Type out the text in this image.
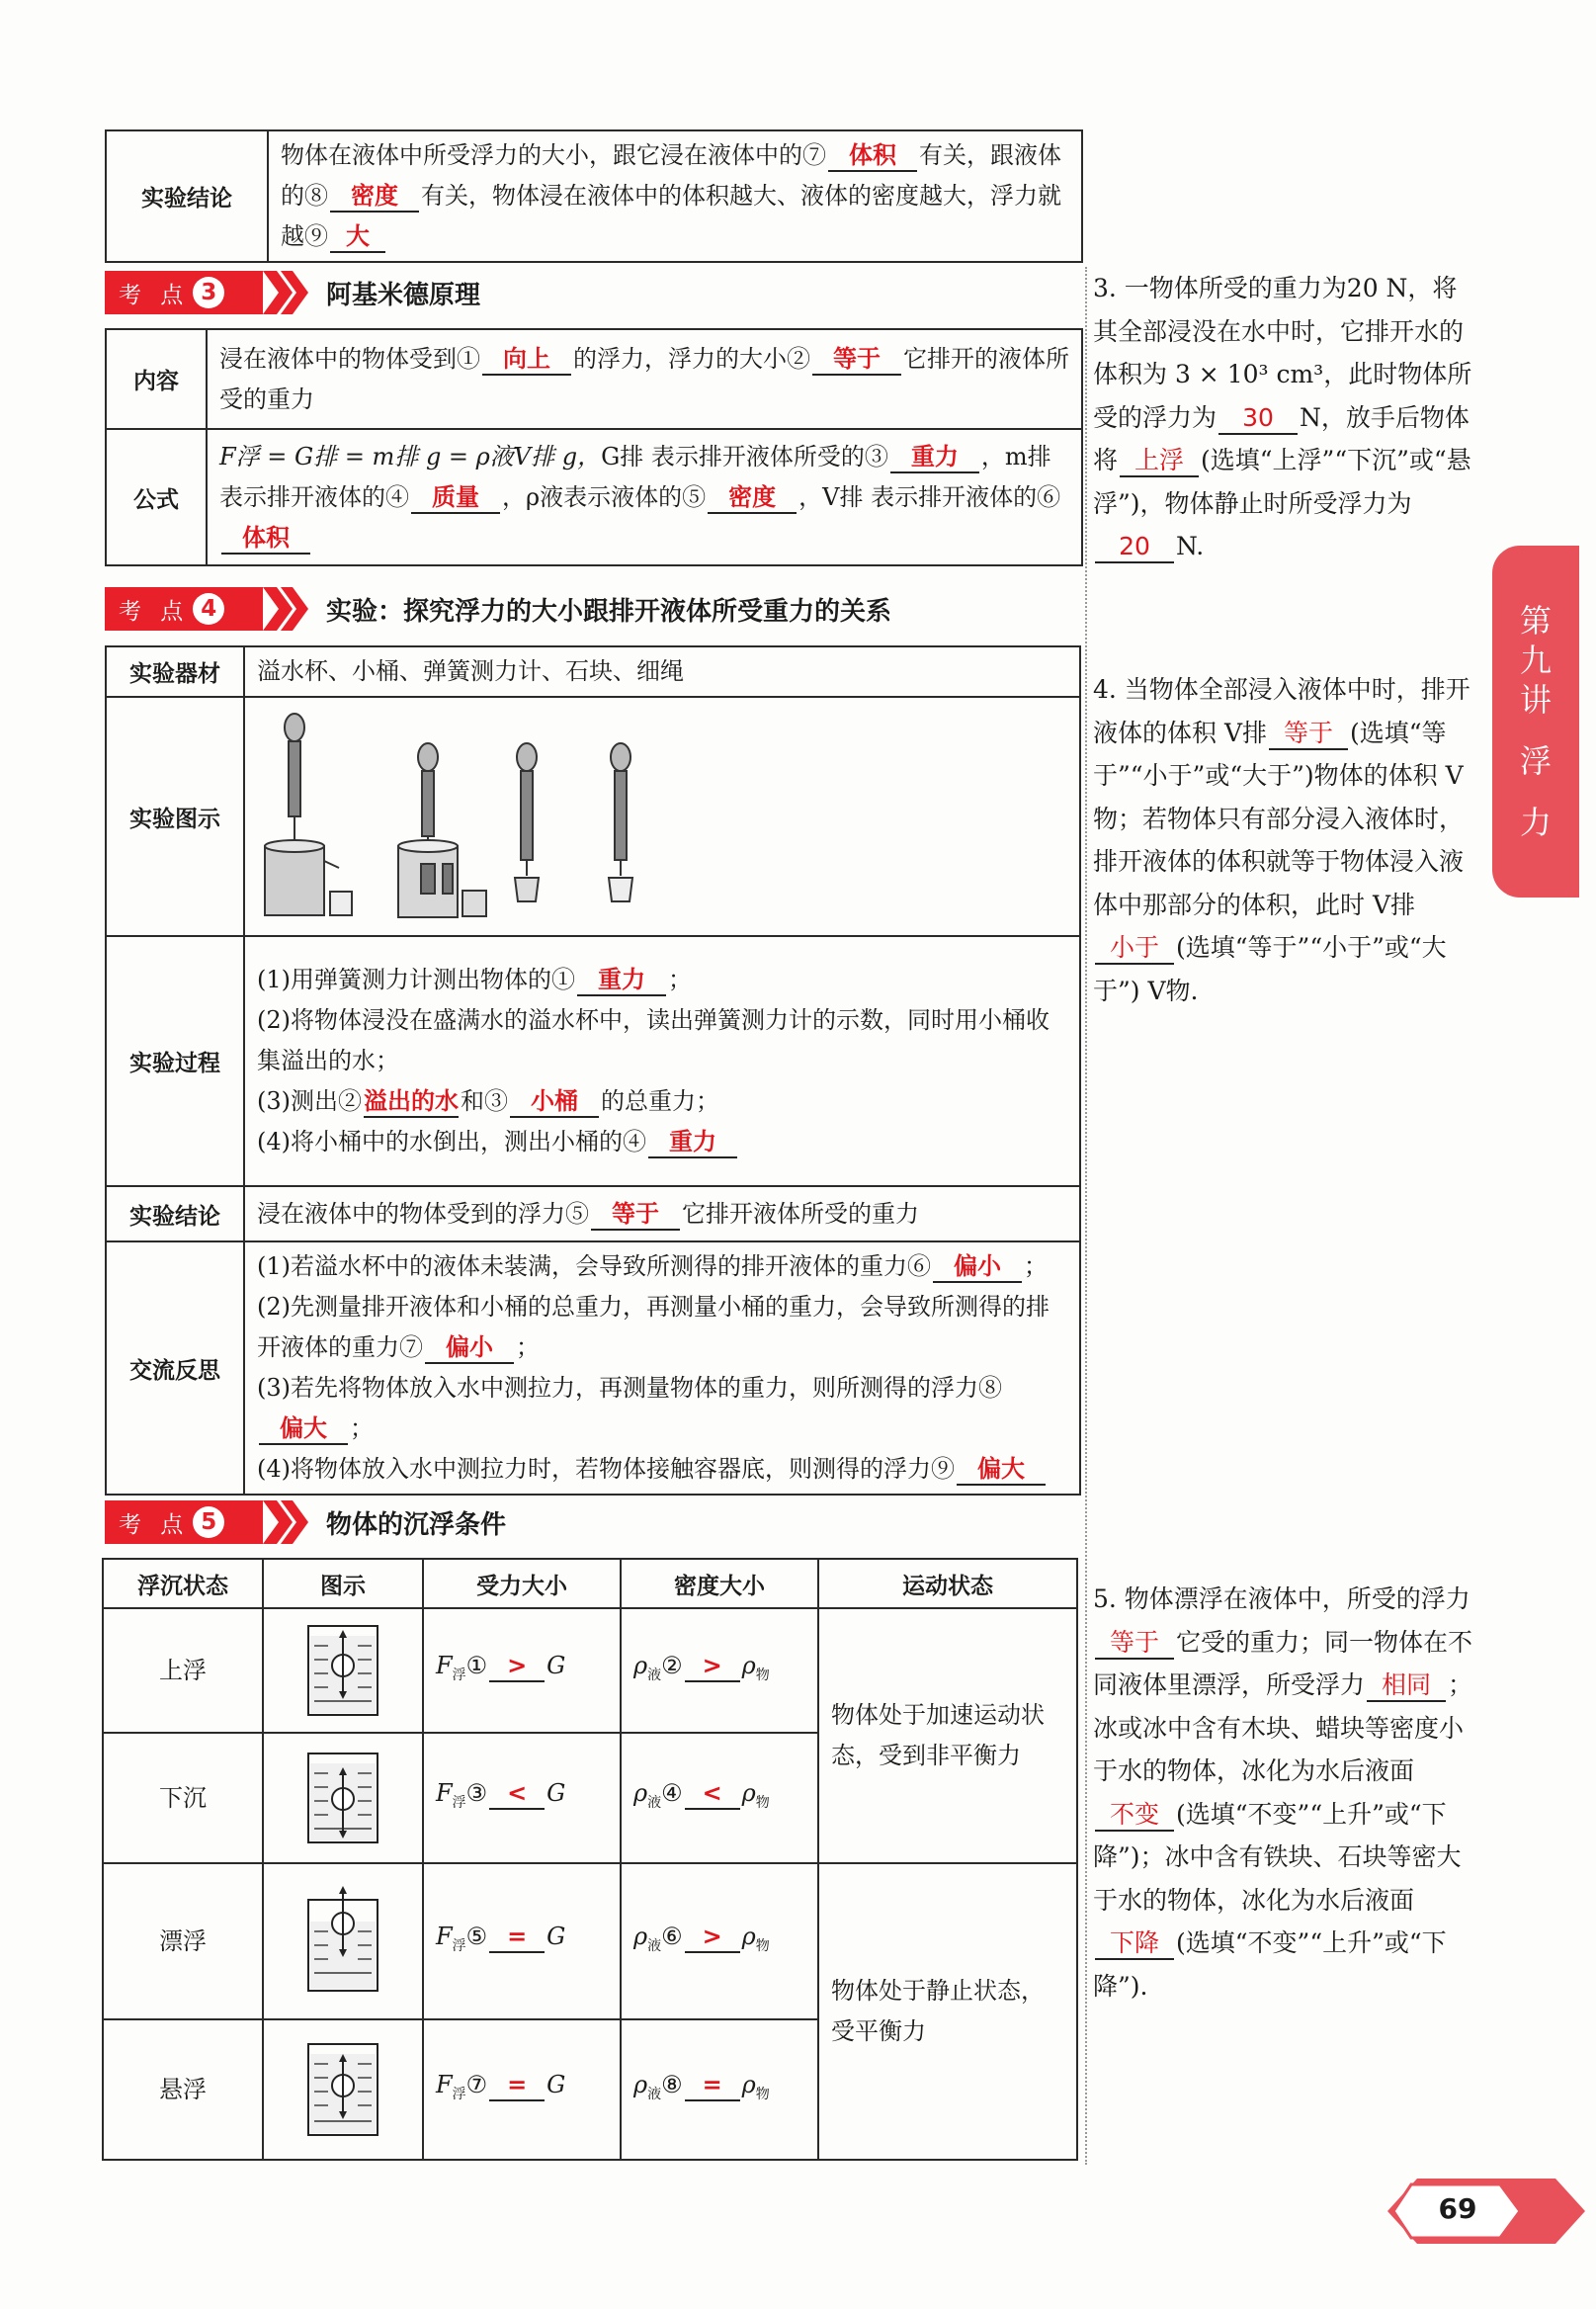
实验结论	物体在液体中所受浮力的大小，跟它浸在液体中的⑦ 体积 有关，跟液体的⑧ 密度 有关，物体浸在液体中的体积越大、液体的密度越大，浮力就越⑨ 大
考 点 3	阿基米德原理
内容	浸在液体中的物体受到① 向上 的浮力，浮力的大小② 等于 它排开的液体所受的重力
公式	F浮 = G排 = m排 g = ρ液V排 g，G排 表示排开液体所受的③ 重力 ，m排表示排开液体的④ 质量 ，ρ液表示液体的⑤ 密度 ，V排 表示排开液体的⑥体积
考 点 4	实验：探究浮力的大小跟排开液体所受重力的关系
实验器材	溢水杯、小桶、弹簧测力计、石块、细绳
实验图示	
实验过程	(1)用弹簧测力计测出物体的① 重力 ；
(2)将物体浸没在盛满水的溢水杯中，读出弹簧测力计的示数，同时用小桶收集溢出的水；
(3)测出②溢出的水和③ 小桶 的总重力；
(4)将小桶中的水倒出，测出小桶的④ 重力

实验结论	浸在液体中的物体受到的浮力⑤ 等于 它排开液体所受的重力
交流反思	(1)若溢水杯中的液体未装满，会导致所测得的排开液体的重力⑥ 偏小 ；
(2)先测量排开液体和小桶的总重力，再测量小桶的重力，会导致所测得的排开液体的重力⑦ 偏小 ；
(3)若先将物体放入水中测拉力，再测量物体的重力，则所测得的浮力⑧偏大 ；
(4)将物体放入水中测拉力时，若物体接触容器底，则测得的浮力⑨ 偏大
考 点 5	物体的沉浮条件
浮沉状态	图示	受力大小	密度大小	运动状态
上浮		$F_浮① > G$	$\rho_液② > \rho_物$	物体处于加速运动状态，受到非平衡力
下沉		$F_浮③ < G$	$\rho_液④ < \rho_物$
漂浮		$F_浮⑤ = G$	$\rho_液⑥ > \rho_物$	物体处于静止状态，受平衡力
悬浮		$F_浮⑦ = G$	$\rho_液⑧ = \rho_物$
3. 一物体所受的重力为20 N，将其全部浸没在水中时，它排开水的体积为 3 × 10³ cm³，此时物体所受的浮力为 30 N，放手后物体将 上浮 (选填“上浮”“下沉”或“悬浮”)，物体静止时所受浮力为20 N.
4. 当物体全部浸入液体中时，排开液体的体积 V排 等于 (选填“等于”“小于”或“大于”)物体的体积 V物；若物体只有部分浸入液体时，排开液体的体积就等于物体浸入液体中那部分的体积，此时 V排小于 (选填“等于”“小于”或“大于”) V物.
5. 物体漂浮在液体中，所受的浮力等于 它受的重力；同一物体在不同液体里漂浮，所受浮力 相同 ；冰或冰中含有木块、蜡块等密度小于水的物体，冰化为水后液面不变 (选填“不变”“上升”或“下降”)；冰中含有铁块、石块等密大于水的物体，冰化为水后液面下降 (选填“不变”“上升”或“下降”).
第
九
讲
浮
力
69
